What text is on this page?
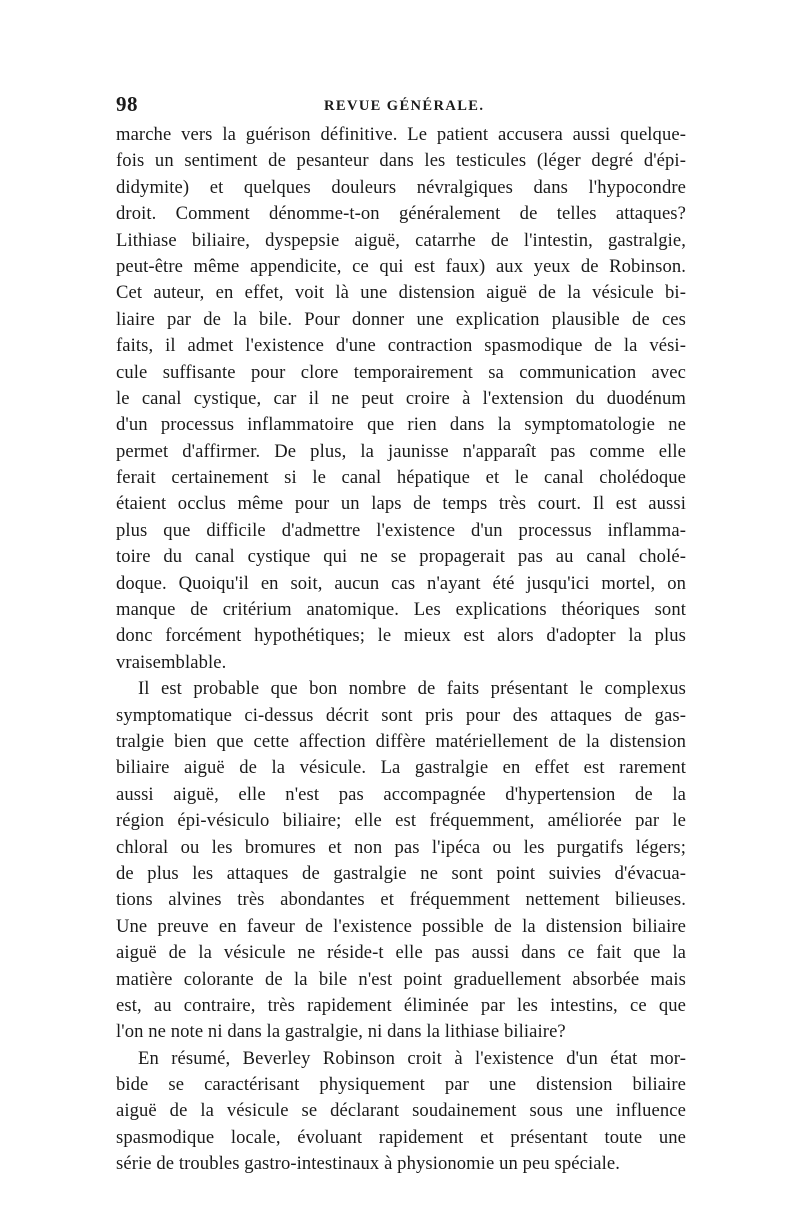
98	REVUE GÉNÉRALE.
marche vers la guérison définitive. Le patient accusera aussi quelque-
fois un sentiment de pesanteur dans les testicules (léger degré d'épi-
didymite) et quelques douleurs névralgiques dans l'hypocondre
droit. Comment dénomme-t-on généralement de telles attaques?
Lithiase biliaire, dyspepsie aiguë, catarrhe de l'intestin, gastralgie,
peut-être même appendicite, ce qui est faux) aux yeux de Robinson.
Cet auteur, en effet, voit là une distension aiguë de la vésicule bi-
liaire par de la bile. Pour donner une explication plausible de ces
faits, il admet l'existence d'une contraction spasmodique de la vési-
cule suffisante pour clore temporairement sa communication avec
le canal cystique, car il ne peut croire à l'extension du duodénum
d'un processus inflammatoire que rien dans la symptomatologie ne
permet d'affirmer. De plus, la jaunisse n'apparaît pas comme elle
ferait certainement si le canal hépatique et le canal cholédoque
étaient occlus même pour un laps de temps très court. Il est aussi
plus que difficile d'admettre l'existence d'un processus inflamma-
toire du canal cystique qui ne se propagerait pas au canal cholé-
doque. Quoiqu'il en soit, aucun cas n'ayant été jusqu'ici mortel, on
manque de critérium anatomique. Les explications théoriques sont
donc forcément hypothétiques; le mieux est alors d'adopter la plus
vraisemblable.
Il est probable que bon nombre de faits présentant le complexus
symptomatique ci-dessus décrit sont pris pour des attaques de gas-
tralgie bien que cette affection diffère matériellement de la distension
biliaire aiguë de la vésicule. La gastralgie en effet est rarement
aussi aiguë, elle n'est pas accompagnée d'hypertension de la
région épi-vésiculo biliaire; elle est fréquemment, améliorée par le
chloral ou les bromures et non pas l'ipéca ou les purgatifs légers;
de plus les attaques de gastralgie ne sont point suivies d'évacua-
tions alvines très abondantes et fréquemment nettement bilieuses.
Une preuve en faveur de l'existence possible de la distension biliaire
aiguë de la vésicule ne réside-t elle pas aussi dans ce fait que la
matière colorante de la bile n'est point graduellement absorbée mais
est, au contraire, très rapidement éliminée par les intestins, ce que
l'on ne note ni dans la gastralgie, ni dans la lithiase biliaire?
En résumé, Beverley Robinson croit à l'existence d'un état mor-
bide se caractérisant physiquement par une distension biliaire
aiguë de la vésicule se déclarant soudainement sous une influence
spasmodique locale, évoluant rapidement et présentant toute une
série de troubles gastro-intestinaux à physionomie un peu spéciale.
